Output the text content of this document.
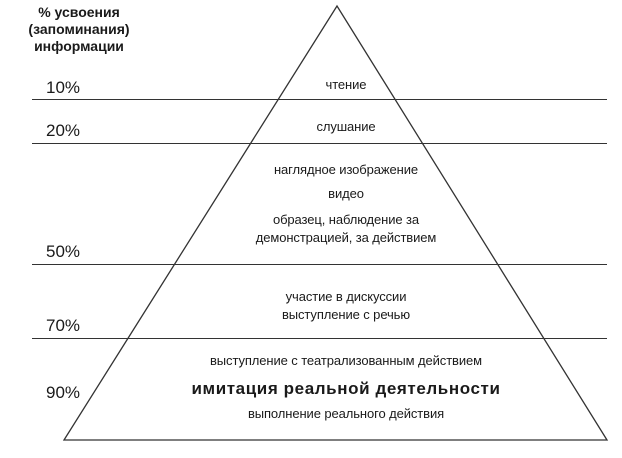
% усвоения
(запоминания)
информации
10%
20%
50%
70%
90%
чтение
слушание
наглядное изображение
видео
образец, наблюдение за
демонстрацией, за действием
участие в дискуссии
выступление с речью
выступление с театрализованным действием
имитация реальной деятельности
выполнение реального действия
